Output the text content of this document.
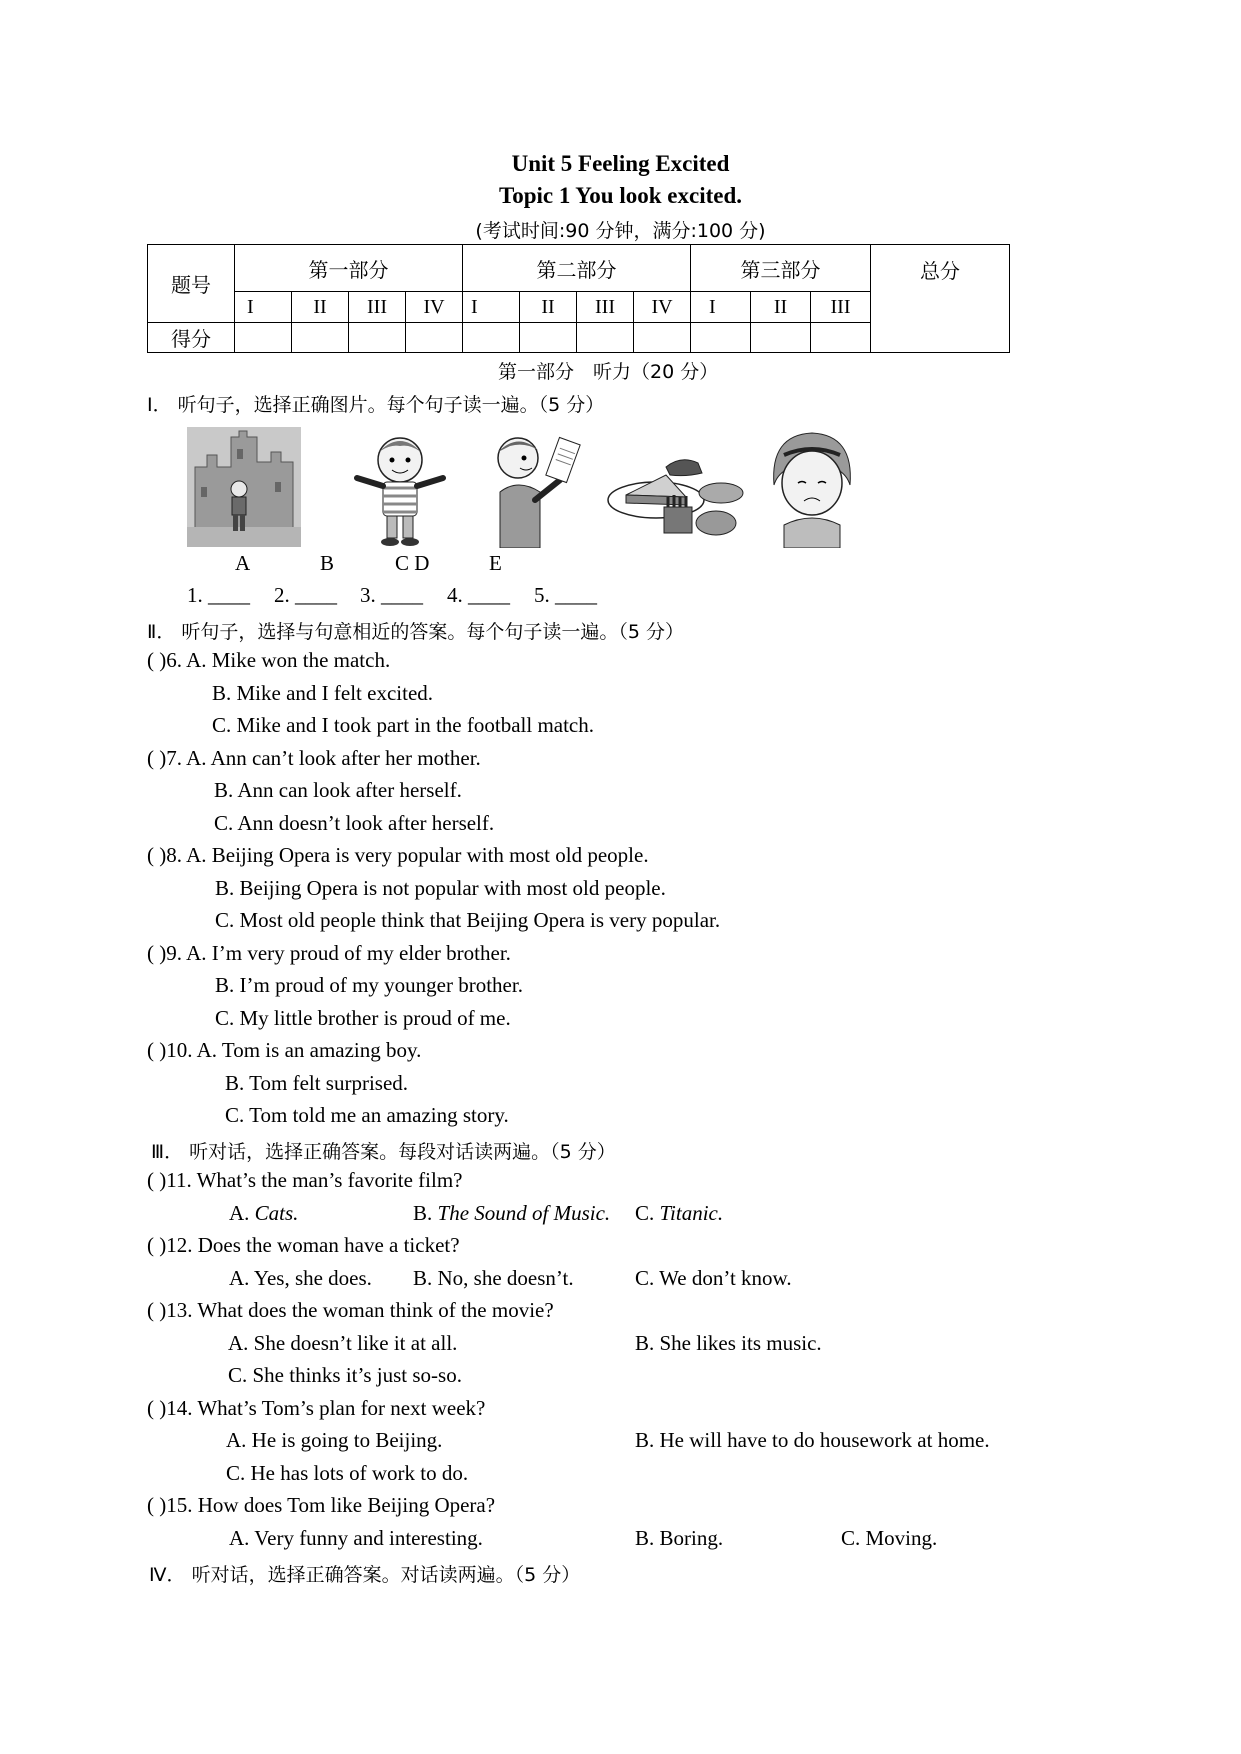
Unit 5 Feeling Excited
Topic 1 You look excited.
(考试时间:90 分钟，满分:100 分)
题号	第一部分				第二部分				第三部分			总分
	I	II	III	IV	I	II	III	IV	I	II	III	
得分												
第一部分　听力（20 分）
Ⅰ． 听句子，选择正确图片。每个句子读一遍。（5 分）
A	B	C D	E
1. ____ 2. ____ 3. ____ 4. ____ 5. ____
Ⅱ． 听句子，选择与句意相近的答案。每个句子读一遍。（5 分）
( )6. A. Mike won the match.
B. Mike and I felt excited.
C. Mike and I took part in the football match.
( )7. A. Ann can’t look after her mother.
B. Ann can look after herself.
C. Ann doesn’t look after herself.
( )8. A. Beijing Opera is very popular with most old people.
B. Beijing Opera is not popular with most old people.
C. Most old people think that Beijing Opera is very popular.
( )9. A. I’m very proud of my elder brother.
B. I’m proud of my younger brother.
C. My little brother is proud of me.
( )10. A. Tom is an amazing boy.
B. Tom felt surprised.
C. Tom told me an amazing story.
Ⅲ． 听对话，选择正确答案。每段对话读两遍。（5 分）
( )11. What’s the man’s favorite film?
A. Cats.	B. The Sound of Music. C. Titanic.
( )12. Does the woman have a ticket?
A. Yes, she does. B. No, she doesn’t.	C. We don’t know.
( )13. What does the woman think of the movie?
A. She doesn’t like it at all.	B. She likes its music.
C. She thinks it’s just so-so.
( )14. What’s Tom’s plan for next week?
A. He is going to Beijing.	B. He will have to do housework at home.
C. He has lots of work to do.
( )15. How does Tom like Beijing Opera?
A. Very funny and interesting.	B. Boring.	C. Moving.
Ⅳ． 听对话，选择正确答案。对话读两遍。（5 分）
